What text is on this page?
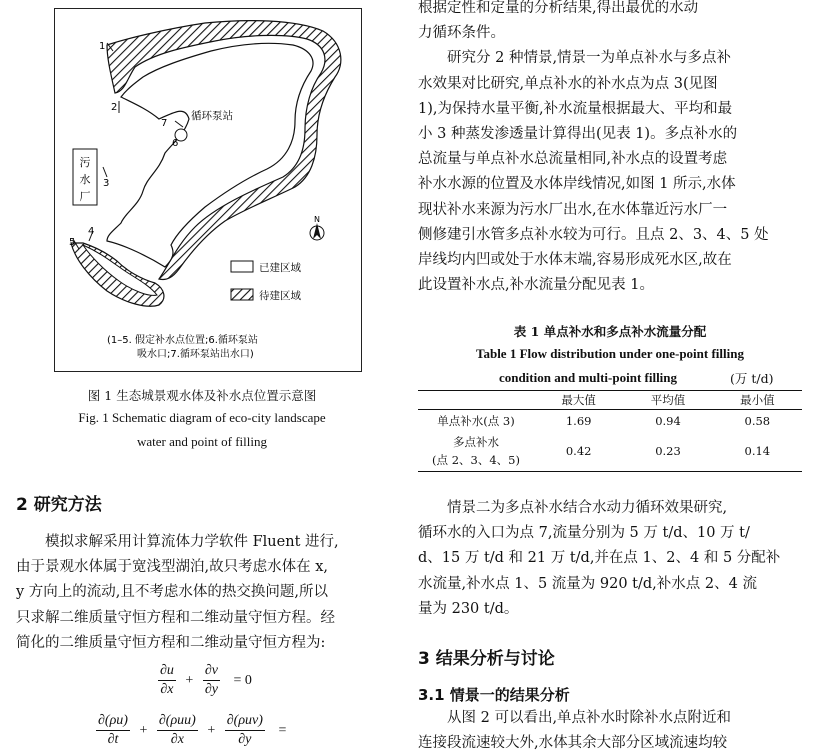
污
水
厂
1
2
3
4
5
6
7
循环泵站
N
已建区域
待建区域
(1–5. 假定补水点位置;6.循环泵站
吸水口;7.循环泵站出水口)
图 1 生态城景观水体及补水点位置示意图
Fig. 1 Schematic diagram of eco-city landscape
water and point of filling
2 研究方法
模拟求解采用计算流体力学软件 Fluent 进行,
由于景观水体属于宽浅型湖泊,故只考虑水体在 x,
y 方向上的流动,且不考虑水体的热交换问题,所以
只求解二维质量守恒方程和二维动量守恒方程。经
简化的二维质量守恒方程和二维动量守恒方程为:
$\frac{\partial u}{\partial x} + \frac{\partial v}{\partial y} = 0$
$\frac{\partial(\rho u)}{\partial t} + \frac{\text{∂(ρuu)}}{\partial x} + \frac{\text{∂(ρuv)}}{\partial y}$ =
根据定性和定量的分析结果,得出最优的水动
力循环条件。
研究分 2 种情景,情景一为单点补水与多点补
水效果对比研究,单点补水的补水点为点 3(见图
1),为保持水量平衡,补水流量根据最大、平均和最
小 3 种蒸发渗透量计算得出(见表 1)。多点补水的
总流量与单点补水总流量相同,补水点的设置考虑
补水水源的位置及水体岸线情况,如图 1 所示,水体
现状补水来源为污水厂出水,在水体靠近污水厂一
侧修建引水管多点补水较为可行。且点 2、3、4、5 处
岸线均内凹或处于水体末端,容易形成死水区,故在
此设置补水点,补水流量分配见表 1。
表 1 单点补水和多点补水流量分配
Table 1 Flow distribution under one-point filling
condition and multi-point filling	(万 t/d)
	最大值	平均值	最小值
单点补水(点 3)	1.69	0.94	0.58

多点补水
(点 2、3、4、5)	0.42	0.23	0.14
情景二为多点补水结合水动力循环效果研究,
循环水的入口为点 7,流量分别为 5 万 t/d、10 万 t/
d、15 万 t/d 和 21 万 t/d,并在点 1、2、4 和 5 分配补
水流量,补水点 1、5 流量为 920 t/d,补水点 2、4 流
量为 230 t/d。
3 结果分析与讨论
3.1 情景一的结果分析
从图 2 可以看出,单点补水时除补水点附近和
连接段流速较大外,水体其余大部分区域流速均较
